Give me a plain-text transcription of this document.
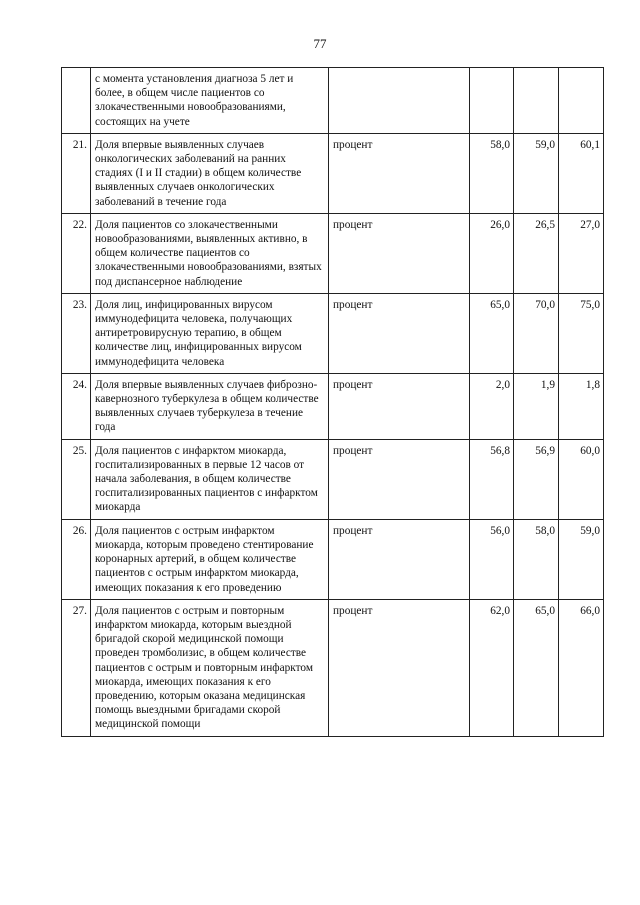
77
	с момента установления диагноза 5 лет и более, в общем числе пациентов со злокачественными новообразованиями, состоящих на учете				
21.	Доля впервые выявленных случаев онкологических заболеваний на ранних стадиях (I и II стадии) в общем количестве выявленных случаев онкологических заболеваний в течение года	процент	58,0	59,0	60,1
22.	Доля пациентов со злокачественными новообразованиями, выявленных активно, в общем количестве пациентов со злокачественными новообразованиями, взятых под диспансерное наблюдение	процент	26,0	26,5	27,0
23.	Доля лиц, инфицированных вирусом иммунодефицита человека, получающих антиретровирусную терапию, в общем количестве лиц, инфицированных вирусом иммунодефицита человека	процент	65,0	70,0	75,0
24.	Доля впервые выявленных случаев фиброзно-кавернозного туберкулеза в общем количестве выявленных случаев туберкулеза в течение года	процент	2,0	1,9	1,8
25.	Доля пациентов с инфарктом миокарда, госпитализированных в первые 12 часов от начала заболевания, в общем количестве госпитализированных пациентов с инфарктом миокарда	процент	56,8	56,9	60,0
26.	Доля пациентов с острым инфарктом миокарда, которым проведено стентирование коронарных артерий, в общем количестве пациентов с острым инфарктом миокарда, имеющих показания к его проведению	процент	56,0	58,0	59,0
27.	Доля пациентов с острым и повторным инфарктом миокарда, которым выездной бригадой скорой медицинской помощи проведен тромболизис, в общем количестве пациентов с острым и повторным инфарктом миокарда, имеющих показания к его проведению, которым оказана медицинская помощь выездными бригадами скорой медицинской помощи	процент	62,0	65,0	66,0
